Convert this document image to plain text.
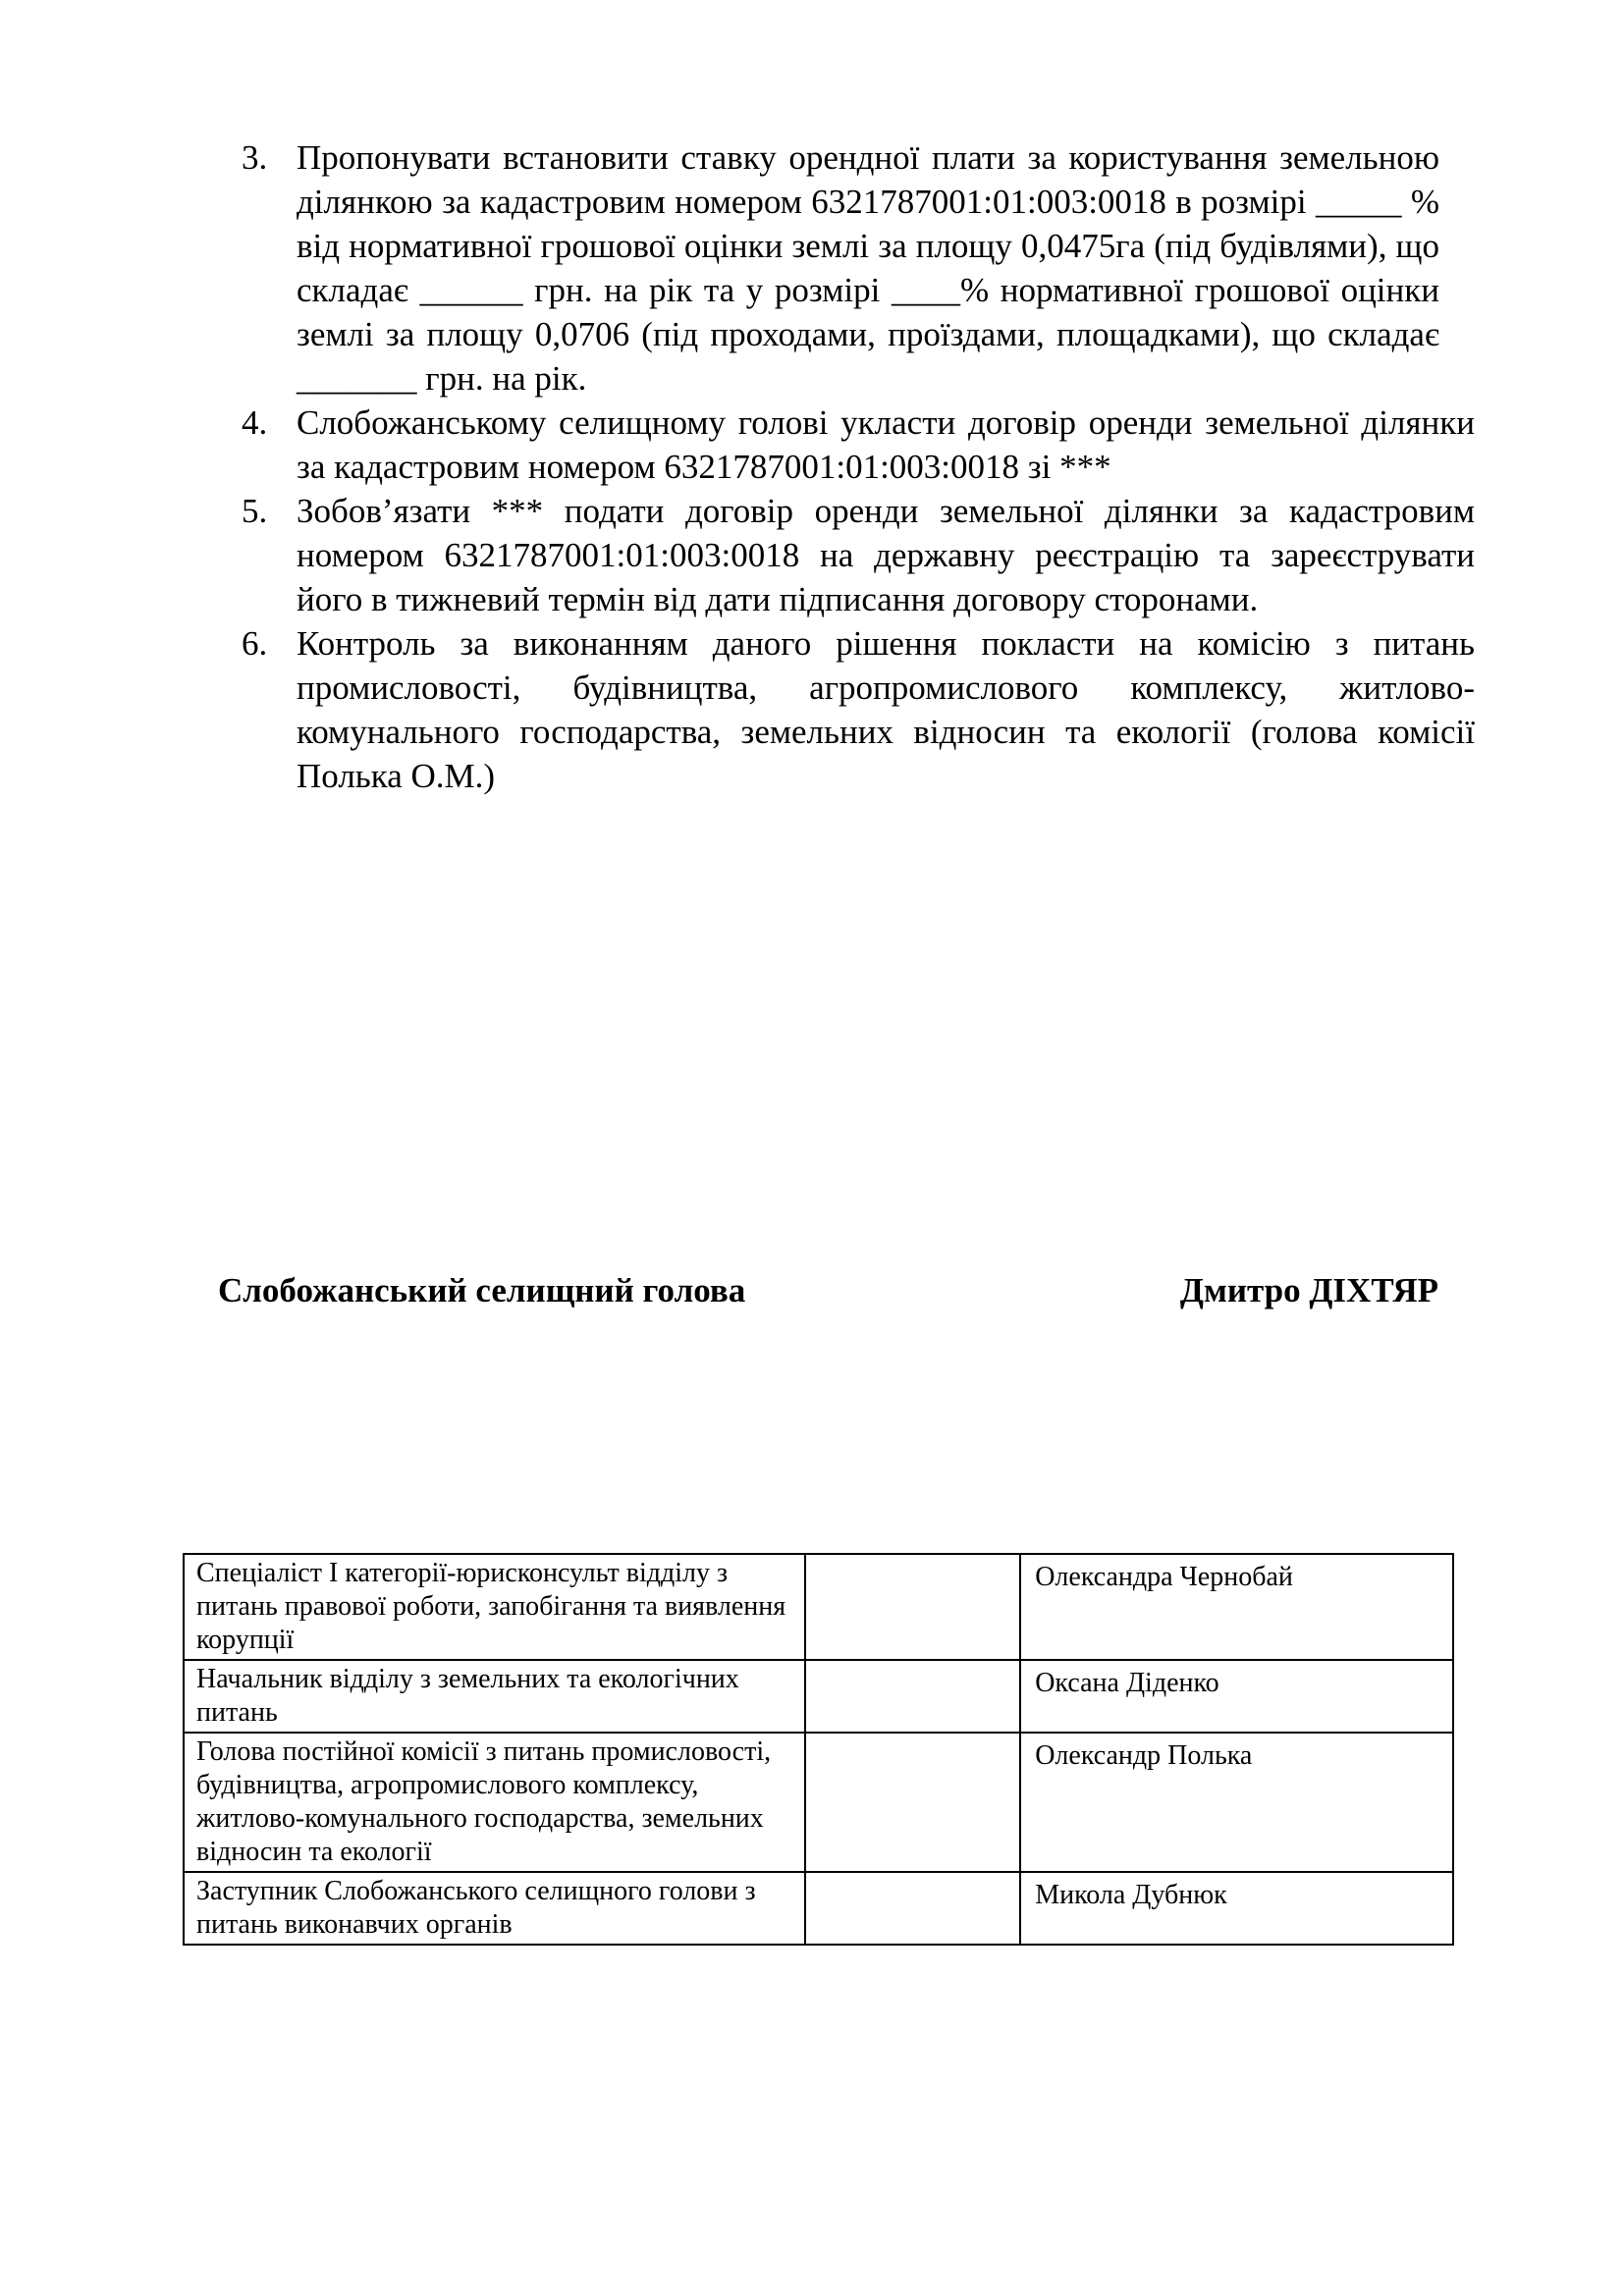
3. Пропонувати встановити ставку орендної плати за користування земельною ділянкою за кадастровим номером 6321787001:01:003:0018 в розмірі _____ % від нормативної грошової оцінки землі за площу 0,0475га (під будівлями), що складає ______ грн. на рік та у розмірі ____% нормативної грошової оцінки землі за площу 0,0706 (під проходами, проїздами, площадками), що складає _______ грн. на рік.
4. Слобожанському селищному голові укласти договір оренди земельної ділянки за кадастровим номером 6321787001:01:003:0018 зі ***
5. Зобов’язати *** подати договір оренди земельної ділянки за кадастровим номером 6321787001:01:003:0018 на державну реєстрацію та зареєструвати його в тижневий термін від дати підписання договору сторонами.
6. Контроль за виконанням даного рішення покласти на комісію з питань промисловості, будівництва, агропромислового комплексу, житлово-комунального господарства, земельних відносин та екології (голова комісії Полька О.М.)
Слобожанський селищний голова	Дмитро ДІХТЯР
Спеціаліст І категорії-юрисконсульт відділу з питань правової роботи, запобігання та виявлення корупції		Олександра Чернобай
Начальник відділу з земельних та екологічних питань		Оксана Діденко
Голова постійної комісії з питань промисловості, будівництва, агропромислового комплексу, житлово-комунального господарства, земельних відносин та екології		Олександр Полька
Заступник Слобожанського селищного голови з питань виконавчих органів		Микола Дубнюк
